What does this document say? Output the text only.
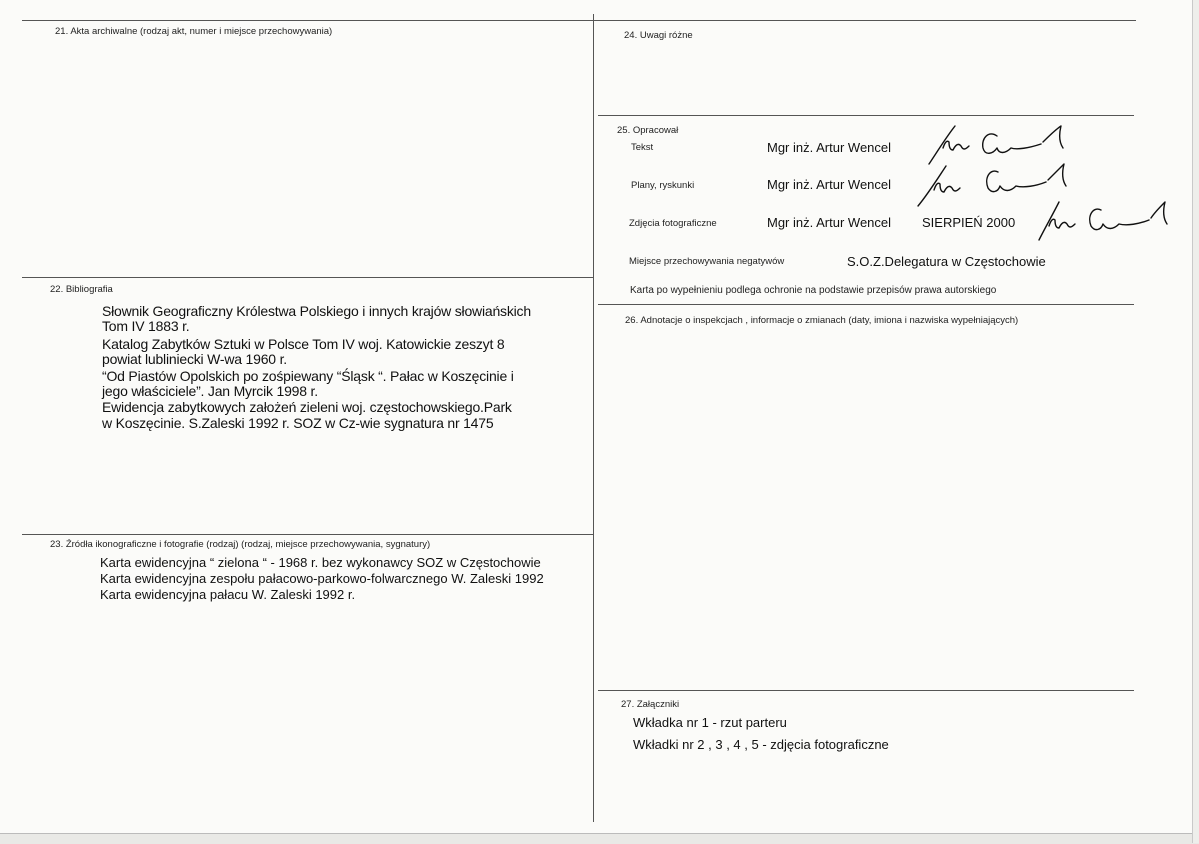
21. Akta archiwalne (rodzaj akt, numer i miejsce przechowywania)
22. Bibliografia
Słownik Geograficzny Królestwa Polskiego i innych krajów słowiańskich
Tom IV 1883 r.
Katalog Zabytków Sztuki w Polsce Tom IV woj. Katowickie zeszyt 8
powiat lubliniecki W-wa 1960 r.
“Od Piastów Opolskich po zośpiewany “Śląsk “. Pałac w Koszęcinie i
jego właściciele”. Jan Myrcik 1998 r.
Ewidencja zabytkowych założeń zieleni woj. częstochowskiego.Park
w Koszęcinie. S.Zaleski 1992 r. SOZ w Cz-wie sygnatura nr 1475
23. Źródła ikonograficzne i fotografie (rodzaj) (rodzaj, miejsce przechowywania, sygnatury)
Karta ewidencyjna “ zielona “ - 1968 r. bez wykonawcy SOZ w Częstochowie
Karta ewidencyjna zespołu pałacowo-parkowo-folwarcznego W. Zaleski 1992
Karta ewidencyjna pałacu W. Zaleski 1992 r.
24. Uwagi różne
25. Opracował
Tekst	Mgr inż. Artur Wencel
Plany, ryskunki	Mgr inż. Artur Wencel
Zdjęcia fotograficzne	Mgr inż. Artur Wencel SIERPIEŃ 2000
Miejsce przechowywania negatywów	S.O.Z.Delegatura w Częstochowie
Karta po wypełnieniu podlega ochronie na podstawie przepisów prawa autorskiego
26. Adnotacje o inspekcjach , informacje o zmianach (daty, imiona i nazwiska wypełniających)
27. Załączniki
Wkładka nr 1 - rzut parteru
Wkładki nr 2 , 3 , 4 , 5 - zdjęcia fotograficzne
